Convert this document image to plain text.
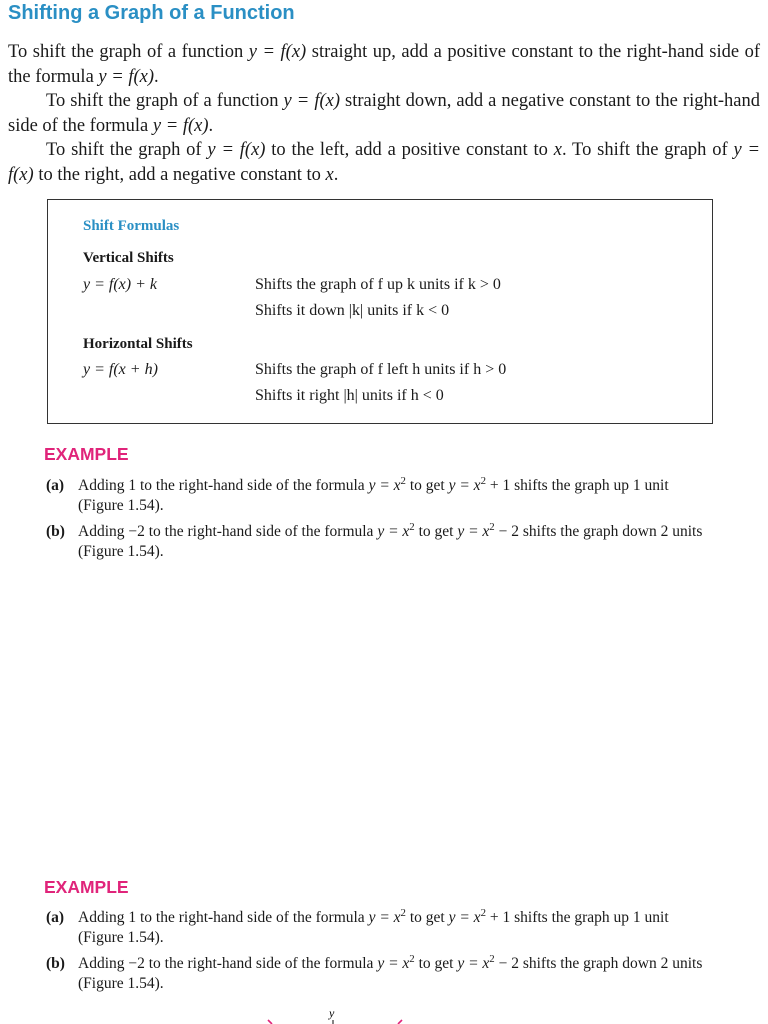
Shifting a Graph of a Function

To shift the graph of a function y = f(x) straight up, add a positive constant to the right-hand side of the formula y = f(x).

To shift the graph of a function y = f(x) straight down, add a negative constant to the right-hand side of the formula y = f(x).

To shift the graph of y = f(x) to the left, add a positive constant to x. To shift the graph of y = f(x) to the right, add a negative constant to x.

Shift Formulas
Vertical Shifts
y = f(x) + k	Shifts the graph of f up k units if k > 0
Shifts it down |k| units if k < 0
Horizontal Shifts
y = f(x + h)	Shifts the graph of f left h units if h > 0
Shifts it right |h| units if h < 0
EXAMPLE
(a) Adding 1 to the right-hand side of the formula $y = x^2$ to get $y = x^2 + 1$ shifts the graph up 1 unit (Figure 1.54).
(b) Adding −2 to the right-hand side of the formula $y = x^2$ to get $y = x^2 - 2$ shifts the graph down 2 units (Figure 1.54).
EXAMPLE
(a) Adding 1 to the right-hand side of the formula $y = x^2$ to get $y = x^2 + 1$ shifts the graph up 1 unit (Figure 1.54).
(b) Adding −2 to the right-hand side of the formula $y = x^2$ to get $y = x^2 - 2$ shifts the graph down 2 units (Figure 1.54).
y
